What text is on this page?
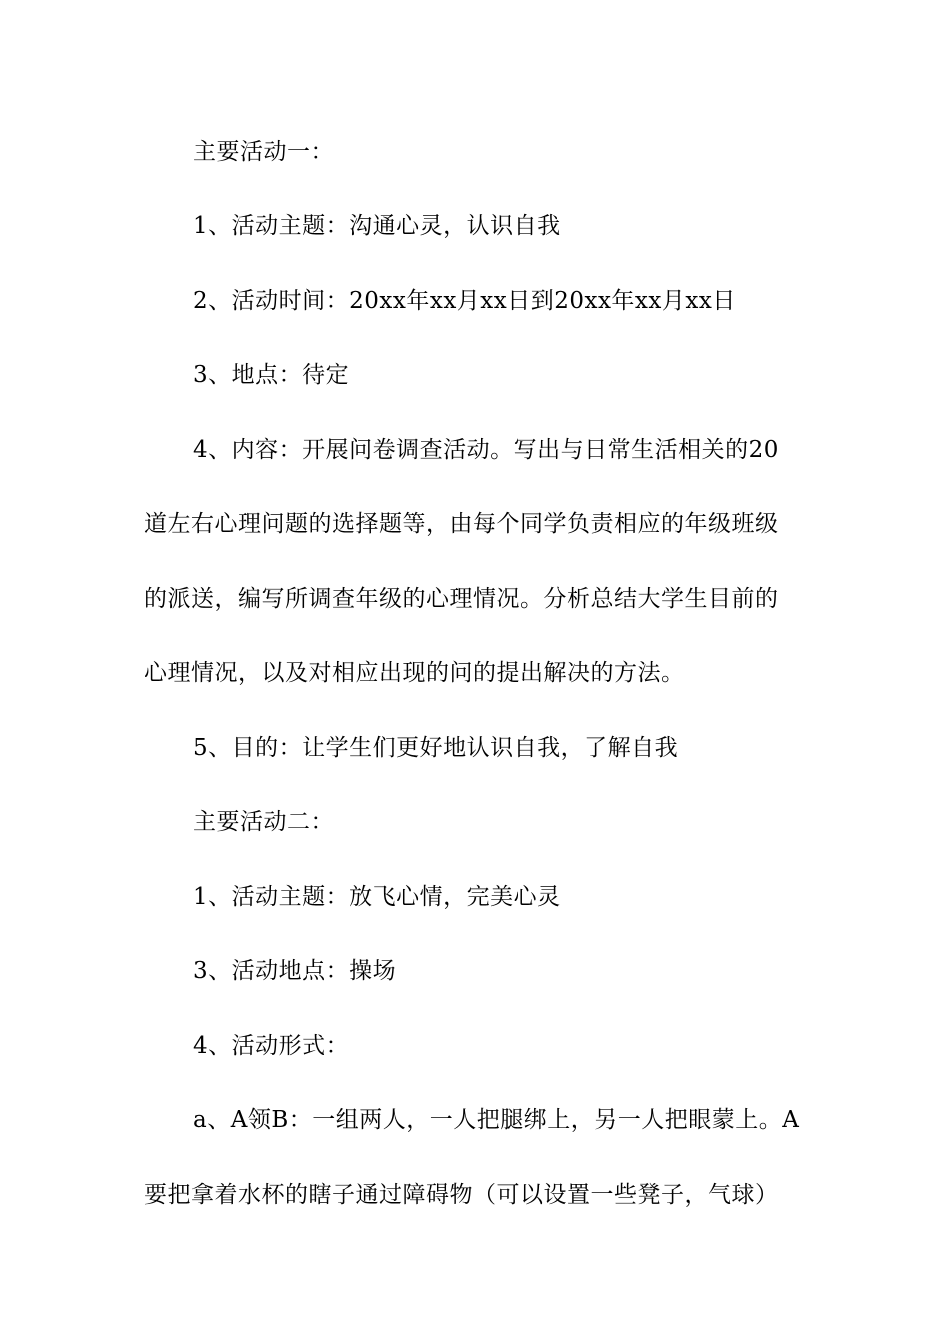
主要活动一：
1、活动主题：沟通心灵，认识自我
2、活动时间：20xx年xx月xx日到20xx年xx月xx日
3、地点：待定
4、内容：开展问卷调查活动。写出与日常生活相关的20
道左右心理问题的选择题等，由每个同学负责相应的年级班级
的派送，编写所调查年级的心理情况。分析总结大学生目前的
心理情况，以及对相应出现的问的提出解决的方法。
5、目的：让学生们更好地认识自我，了解自我
主要活动二：
1、活动主题：放飞心情，完美心灵
3、活动地点：操场
4、活动形式：
a、A领B：一组两人，一人把腿绑上，另一人把眼蒙上。A
要把拿着水杯的瞎子通过障碍物（可以设置一些凳子，气球）
